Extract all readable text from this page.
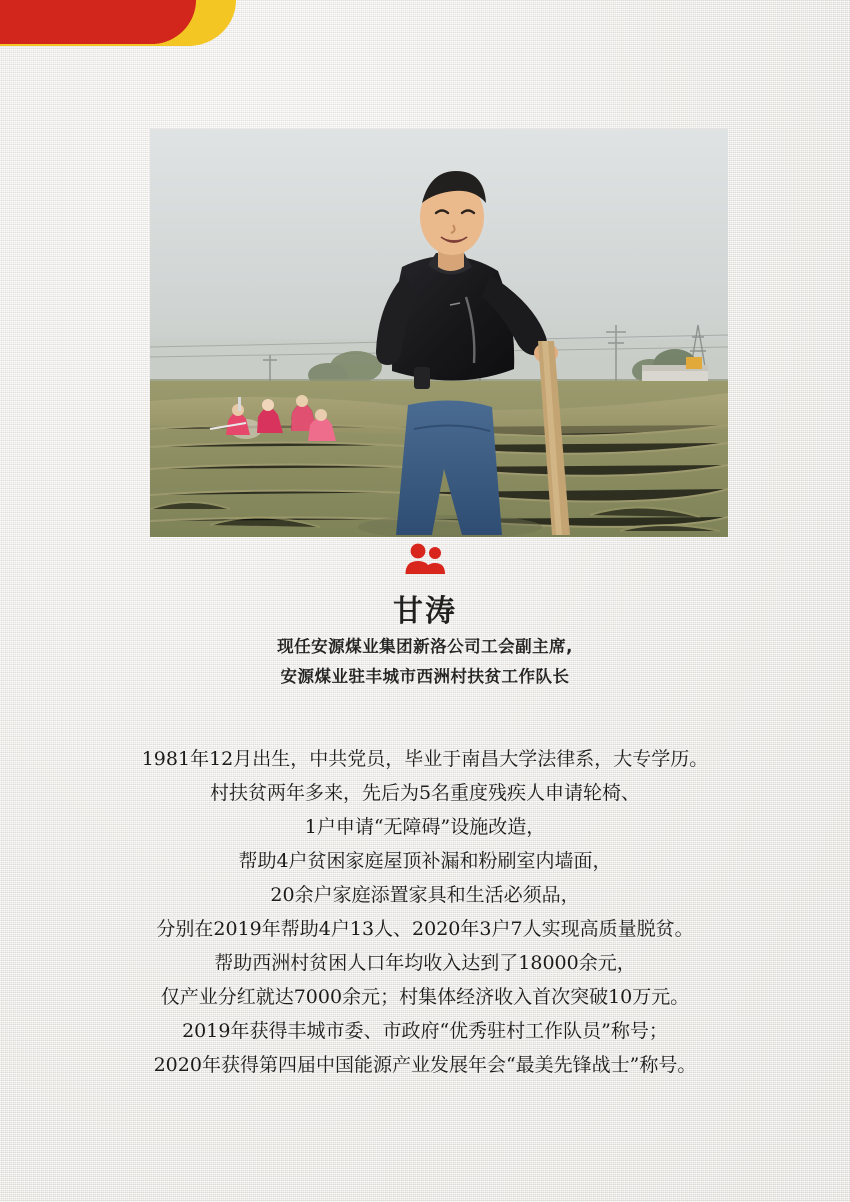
甘涛
现任安源煤业集团新洛公司工会副主席,
安源煤业驻丰城市西洲村扶贫工作队长
1981年12月出生，中共党员，毕业于南昌大学法律系，大专学历。
村扶贫两年多来，先后为5名重度残疾人申请轮椅、
1户申请“无障碍”设施改造，
帮助4户贫困家庭屋顶补漏和粉刷室内墙面，
20余户家庭添置家具和生活必须品，
分别在2019年帮助4户13人、2020年3户7人实现高质量脱贫。
帮助西洲村贫困人口年均收入达到了18000余元，
仅产业分红就达7000余元；村集体经济收入首次突破10万元。
2019年获得丰城市委、市政府“优秀驻村工作队员”称号；
2020年获得第四届中国能源产业发展年会“最美先锋战士”称号。
